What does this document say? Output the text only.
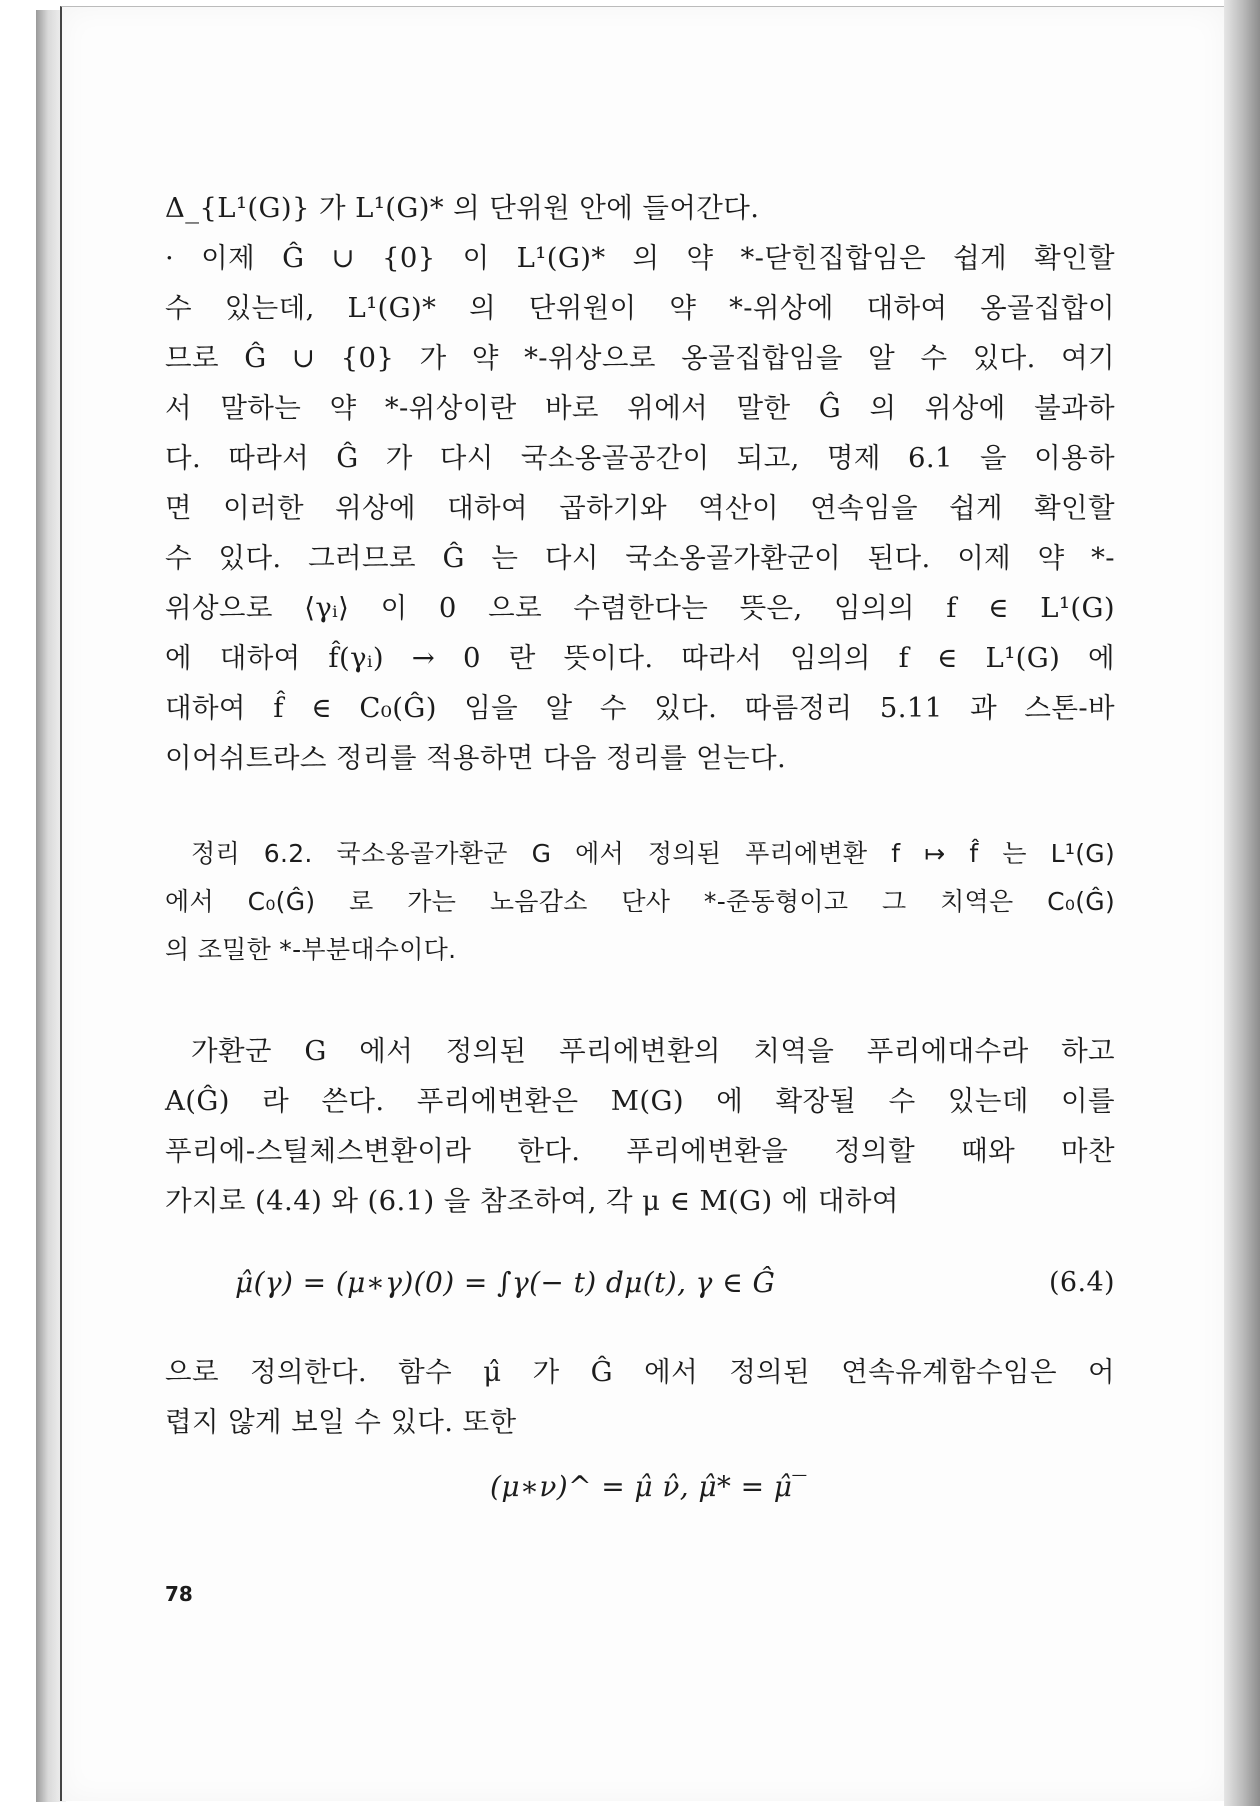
Δ_{L¹(G)} 가 L¹(G)* 의 단위원 안에 들어간다.
· 이제 Ĝ ∪ {0} 이 L¹(G)* 의 약 *-닫힌집합임은 쉽게 확인할
수 있는데, L¹(G)* 의 단위원이 약 *-위상에 대하여 옹골집합이
므로 Ĝ ∪ {0} 가 약 *-위상으로 옹골집합임을 알 수 있다. 여기
서 말하는 약 *-위상이란 바로 위에서 말한 Ĝ 의 위상에 불과하
다. 따라서 Ĝ 가 다시 국소옹골공간이 되고, 명제 6.1 을 이용하
면 이러한 위상에 대하여 곱하기와 역산이 연속임을 쉽게 확인할
수 있다. 그러므로 Ĝ 는 다시 국소옹골가환군이 된다. 이제 약 *-
위상으로 ⟨γᵢ⟩ 이 0 으로 수렴한다는 뜻은, 임의의 f ∈ L¹(G)
에 대하여 f̂(γᵢ) → 0 란 뜻이다. 따라서 임의의 f ∈ L¹(G) 에
대하여 f̂ ∈ C₀(Ĝ) 임을 알 수 있다. 따름정리 5.11 과 스톤-바
이어쉬트라스 정리를 적용하면 다음 정리를 얻는다.
정리 6.2. 국소옹골가환군 G 에서 정의된 푸리에변환 f ↦ f̂ 는 L¹(G)
에서 C₀(Ĝ) 로 가는 노음감소 단사 *-준동형이고 그 치역은 C₀(Ĝ)
의 조밀한 *-부분대수이다.
가환군 G 에서 정의된 푸리에변환의 치역을 푸리에대수라 하고
A(Ĝ) 라 쓴다. 푸리에변환은 M(G) 에 확장될 수 있는데 이를
푸리에-스틸체스변환이라 한다. 푸리에변환을 정의할 때와 마찬
가지로 (4.4) 와 (6.1) 을 참조하여, 각 μ ∈ M(G) 에 대하여
μ̂(γ) = (μ∗γ)(0) = ∫γ(− t) dμ(t), γ ∈ Ĝ	(6.4)
으로 정의한다. 함수 μ̂ 가 Ĝ 에서 정의된 연속유계함수임은 어
렵지 않게 보일 수 있다. 또한
(μ∗ν)^ = μ̂ ν̂, μ̂* = μ̂‾
78
